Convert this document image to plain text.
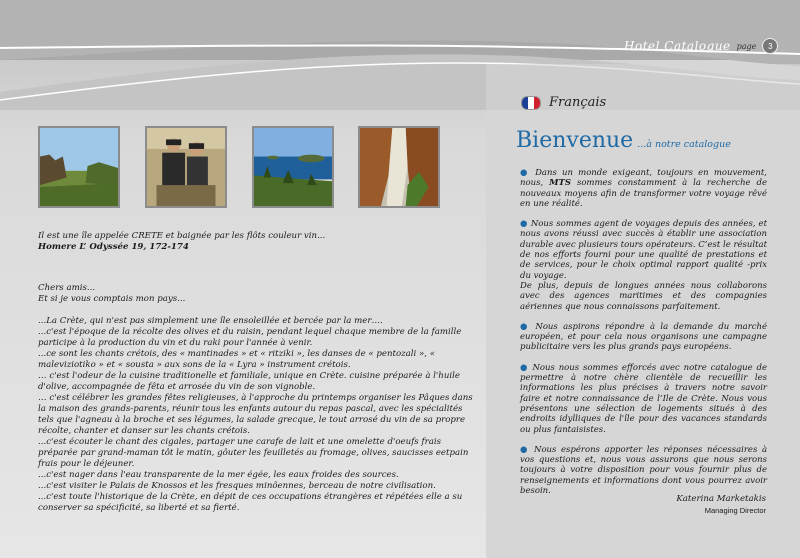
Hotel Catalogue page	3
Il est une île appelée CRETE et baignée par les flôts couleur vin...
Homere L’ Odyssée 19, 172-174

Chers amis...

Et si je vous comptais mon pays...

...La Crète, qui n'est pas simplement une île ensoleillée et bercée par la mer….

...c'est l'époque de la récolte des olives et du raisin, pendant lequel chaque membre de la famille participe à la production du vin et du raki pour l'année à venir.

...ce sont les chants crétois, des « mantinades » et « ritziki », les danses de « pentozali », « maleviziotiko » et « sousta » aux sons de la « Lyra » instrument crétois.

… c'est l'odeur de la cuisine traditionelle et familiale, unique en Crète. cuisine préparée à l'huile d'olive, accompagnée de fêta et arrosée du vin de son vignoble.

… c'est célébrer les grandes fêtes religieuses, à l'approche du printemps organiser les Pâques dans la maison des grands-parents, réunir tous les enfants autour du repas pascal, avec les spécialités tels que l'agneau à la broche et ses légumes, la salade grecque, le tout arrosé du vin de sa propre récolte, chanter et danser sur les chants crétois.

...c'est écouter le chant des cigales, partager une carafe de lait et une omelette d'oeufs frais préparée par grand-maman tôt le matin, gôuter les feuilletés au fromage, olives, saucisses eetpain frais pour le déjeuner.

...c'est nager dans l'eau transparente de la mer égée, les eaux froides des sources.

...c'est visiter le Palais de Knossos et les fresques minôennes, berceau de notre civilisation.

...c'est toute l'historique de la Crète, en dépit de ces occupations étrangères et répétées elle a su conserver sa spécificité, sa liberté et sa fierté.

Français
Bienvenue ...à notre catalogue

● Dans un monde exigeant, toujours en mouvement, nous, MTS sommes constamment à la recherche de nouveaux moyens afin de transformer votre voyage rêvé en une réalité.

● Nous sommes agent de voyages depuis des années, et nous avons réussi avec succès à établir une association durable avec plusieurs tours opérateurs. C’est le résultat de nos efforts fourni pour une qualité de prestations et de services, pour le choix optimal rapport qualité -prix du voyage.
De plus, depuis de longues années nous collaborons avec des agences maritimes et des compagnies aériennes que nous connaissons parfaitement.

● Nous aspirons répondre à la demande du marché européen, et pour cela nous organisons une campagne publicitaire vers les plus grands pays européens.

● Nous nous sommes efforcés avec notre catalogue de permettre à notre chère clientèle de recueillir les informations les plus précises à travers notre savoir faire et notre connaissance de l’Ile de Crète. Nous vous présentons une sélection de logements situés à des endroits idylliques de l'île pour des vacances standards ou plus fantaisistes.

● Nous espérons apporter les réponses nécessaires à vos questions et, nous vous assurons que nous serons toujours à votre disposition pour vous fournir plus de renseignements et informations dont vous pourrez avoir besoin.

Katerina Marketakis
Managing Director
